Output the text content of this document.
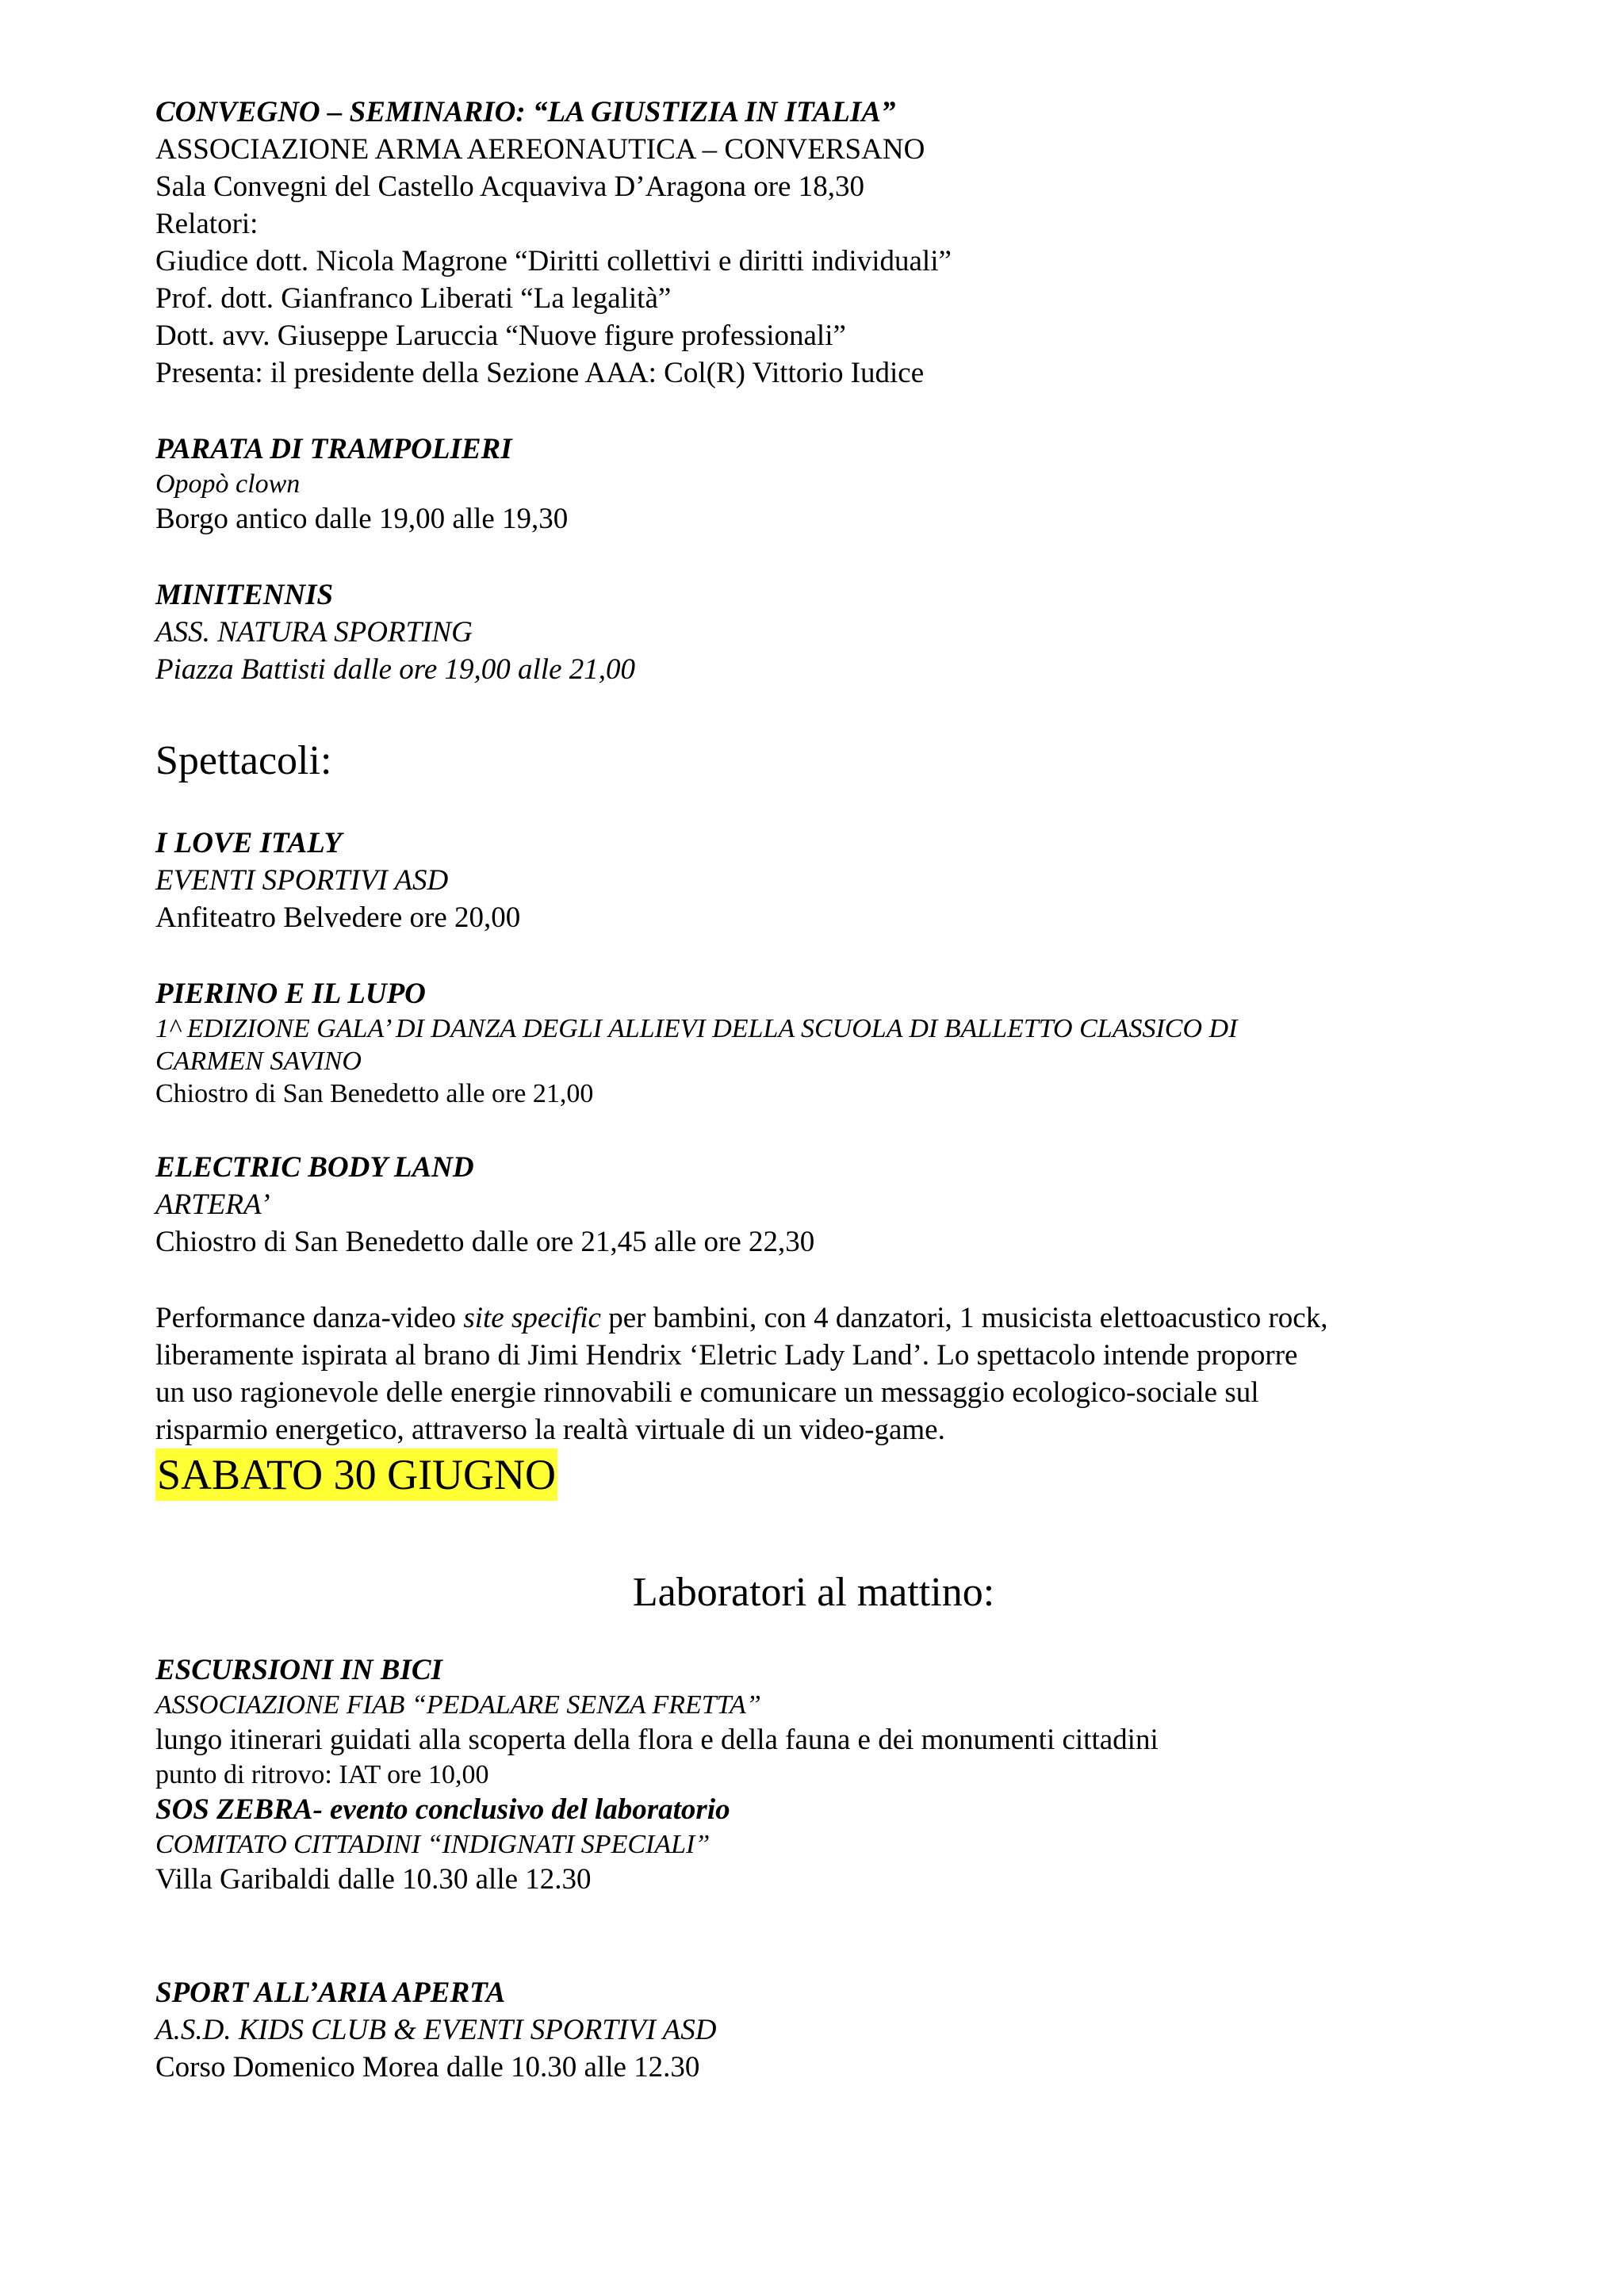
CONVEGNO – SEMINARIO: “LA GIUSTIZIA IN ITALIA”
ASSOCIAZIONE ARMA AEREONAUTICA – CONVERSANO
Sala Convegni del Castello Acquaviva D’Aragona ore 18,30
Relatori:
Giudice dott. Nicola Magrone “Diritti collettivi e diritti individuali”
Prof. dott. Gianfranco Liberati “La legalità”
Dott. avv. Giuseppe Laruccia “Nuove figure professionali”
Presenta: il presidente della Sezione AAA: Col(R) Vittorio Iudice
PARATA DI TRAMPOLIERI
Opopò clown
Borgo antico dalle 19,00 alle 19,30
MINITENNIS
ASS. NATURA SPORTING
Piazza Battisti dalle ore 19,00 alle 21,00
Spettacoli:
I LOVE ITALY
EVENTI SPORTIVI ASD
Anfiteatro Belvedere ore 20,00
PIERINO E IL LUPO
1^ EDIZIONE GALA’ DI DANZA DEGLI ALLIEVI DELLA SCUOLA DI BALLETTO CLASSICO DI
CARMEN SAVINO
Chiostro di San Benedetto alle ore 21,00
ELECTRIC BODY LAND
ARTERA’
Chiostro di San Benedetto dalle ore 21,45 alle ore 22,30
Performance danza-video site specific per bambini, con 4 danzatori, 1 musicista elettoacustico rock,
liberamente ispirata al brano di Jimi Hendrix ‘Eletric Lady Land’. Lo spettacolo intende proporre
un uso ragionevole delle energie rinnovabili e comunicare un messaggio ecologico-sociale sul
risparmio energetico, attraverso la realtà virtuale di un video-game.
SABATO 30 GIUGNO
Laboratori al mattino:
ESCURSIONI IN BICI
ASSOCIAZIONE FIAB “PEDALARE SENZA FRETTA”
lungo itinerari guidati alla scoperta della flora e della fauna e dei monumenti cittadini
punto di ritrovo: IAT ore 10,00
SOS ZEBRA- evento conclusivo del laboratorio
COMITATO CITTADINI “INDIGNATI SPECIALI”
Villa Garibaldi dalle 10.30 alle 12.30
SPORT ALL’ARIA APERTA
A.S.D. KIDS CLUB & EVENTI SPORTIVI ASD
Corso Domenico Morea dalle 10.30 alle 12.30
